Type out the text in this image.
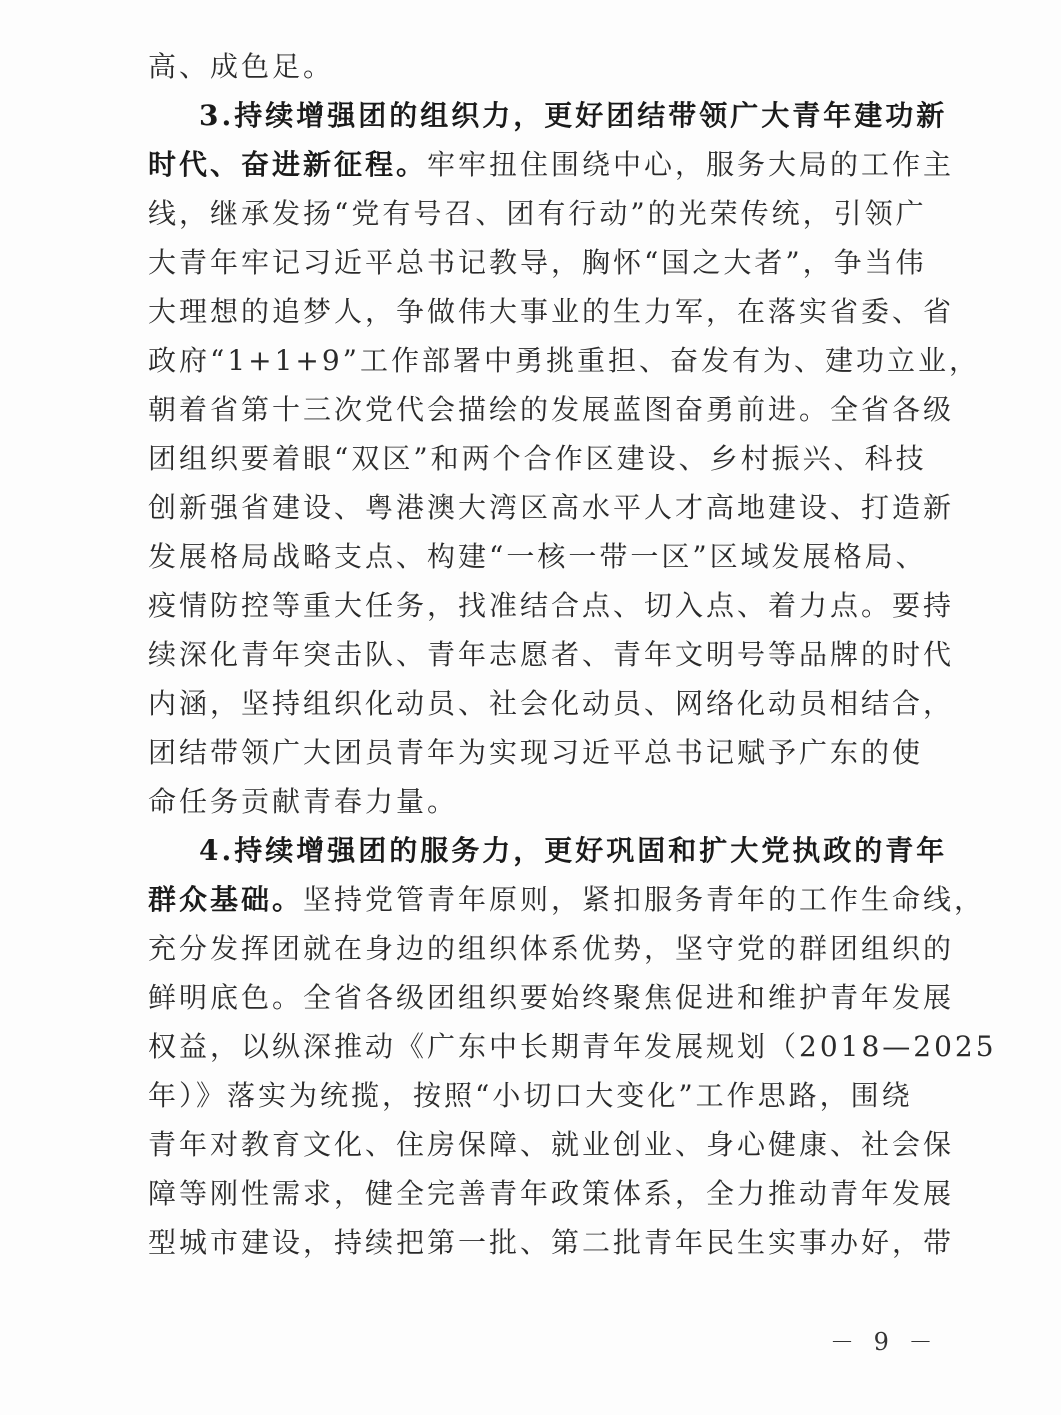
高、成色足。
3.持续增强团的组织力，更好团结带领广大青年建功新
时代、奋进新征程。牢牢扭住围绕中心，服务大局的工作主
线，继承发扬“党有号召、团有行动”的光荣传统，引领广
大青年牢记习近平总书记教导，胸怀“国之大者”，争当伟
大理想的追梦人，争做伟大事业的生力军，在落实省委、省
政府“1+1+9”工作部署中勇挑重担、奋发有为、建功立业，
朝着省第十三次党代会描绘的发展蓝图奋勇前进。全省各级
团组织要着眼“双区”和两个合作区建设、乡村振兴、科技
创新强省建设、粤港澳大湾区高水平人才高地建设、打造新
发展格局战略支点、构建“一核一带一区”区域发展格局、
疫情防控等重大任务，找准结合点、切入点、着力点。要持
续深化青年突击队、青年志愿者、青年文明号等品牌的时代
内涵，坚持组织化动员、社会化动员、网络化动员相结合，
团结带领广大团员青年为实现习近平总书记赋予广东的使
命任务贡献青春力量。
4.持续增强团的服务力，更好巩固和扩大党执政的青年
群众基础。坚持党管青年原则，紧扣服务青年的工作生命线，
充分发挥团就在身边的组织体系优势，坚守党的群团组织的
鲜明底色。全省各级团组织要始终聚焦促进和维护青年发展
权益，以纵深推动《广东中长期青年发展规划（2018—2025
年）》落实为统揽，按照“小切口大变化”工作思路，围绕
青年对教育文化、住房保障、就业创业、身心健康、社会保
障等刚性需求，健全完善青年政策体系，全力推动青年发展
型城市建设，持续把第一批、第二批青年民生实事办好，带
－ 9 －
